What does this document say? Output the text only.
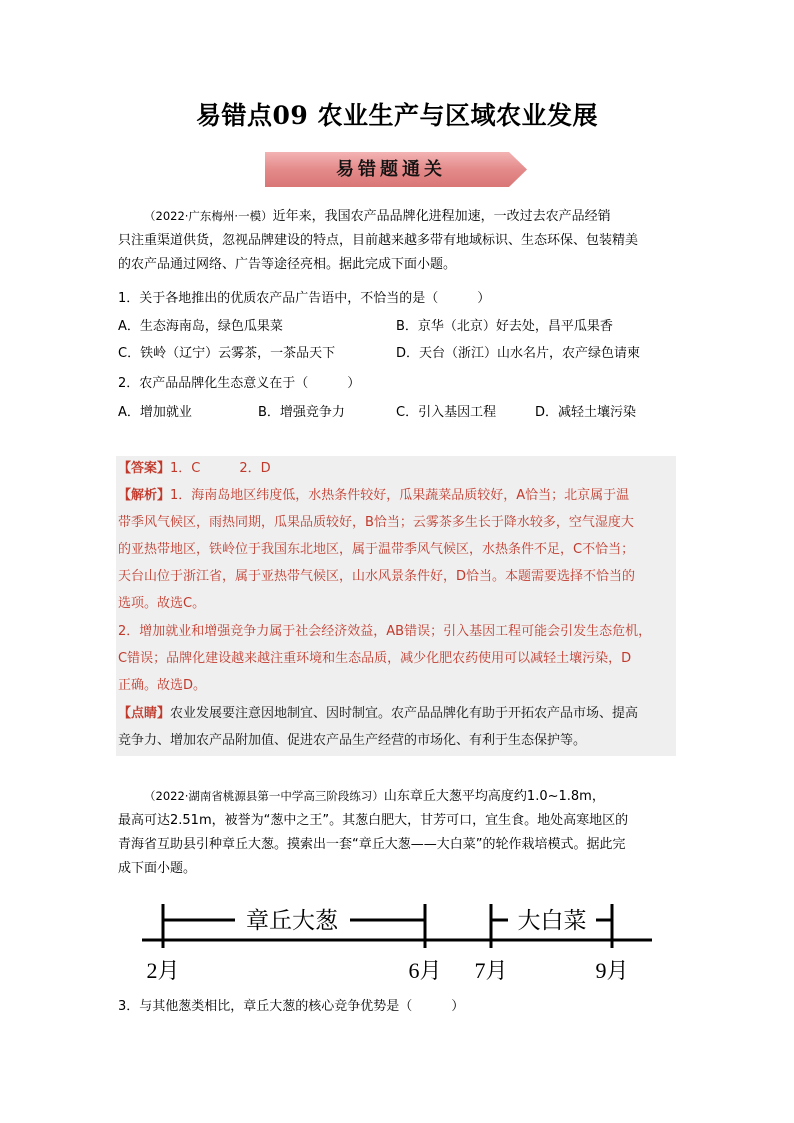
易错点09 农业生产与区域农业发展
易错题通关
（2022·广东梅州·一模）近年来，我国农产品品牌化进程加速，一改过去农产品经销
只注重渠道供货，忽视品牌建设的特点，目前越来越多带有地域标识、生态环保、包装精美
的农产品通过网络、广告等途径亮相。据此完成下面小题。
1．关于各地推出的优质农产品广告语中，不恰当的是（　　　）
A．生态海南岛，绿色瓜果菜	B．京华（北京）好去处，昌平瓜果香
C．铁岭（辽宁）云雾茶，一茶品天下	D．天台（浙江）山水名片，农产绿色请柬
2．农产品品牌化生态意义在于（　　　）
A．增加就业	B．增强竞争力	C．引入基因工程	D．减轻土壤污染
【答案】1．C　　　2．D
【解析】1．海南岛地区纬度低，水热条件较好，瓜果蔬菜品质较好，A恰当；北京属于温
带季风气候区，雨热同期，瓜果品质较好，B恰当；云雾茶多生长于降水较多，空气湿度大
的亚热带地区，铁岭位于我国东北地区，属于温带季风气候区，水热条件不足，C不恰当；
天台山位于浙江省，属于亚热带气候区，山水风景条件好，D恰当。本题需要选择不恰当的
选项。故选C。
2．增加就业和增强竞争力属于社会经济效益，AB错误；引入基因工程可能会引发生态危机，
C错误；品牌化建设越来越注重环境和生态品质，减少化肥农药使用可以减轻土壤污染，D
正确。故选D。
【点睛】农业发展要注意因地制宜、因时制宜。农产品品牌化有助于开拓农产品市场、提高
竞争力、增加农产品附加值、促进农产品生产经营的市场化、有利于生态保护等。
（2022·湖南省桃源县第一中学高三阶段练习）山东章丘大葱平均高度约1.0~1.8m，
最高可达2.51m，被誉为“葱中之王”。其葱白肥大，甘芳可口，宜生食。地处高寒地区的
青海省互助县引种章丘大葱。摸索出一套“章丘大葱——大白菜”的轮作栽培模式。据此完
成下面小题。
章丘大葱	大白菜
2月	6月 7月	9月
3．与其他葱类相比，章丘大葱的核心竞争优势是（　　　）
